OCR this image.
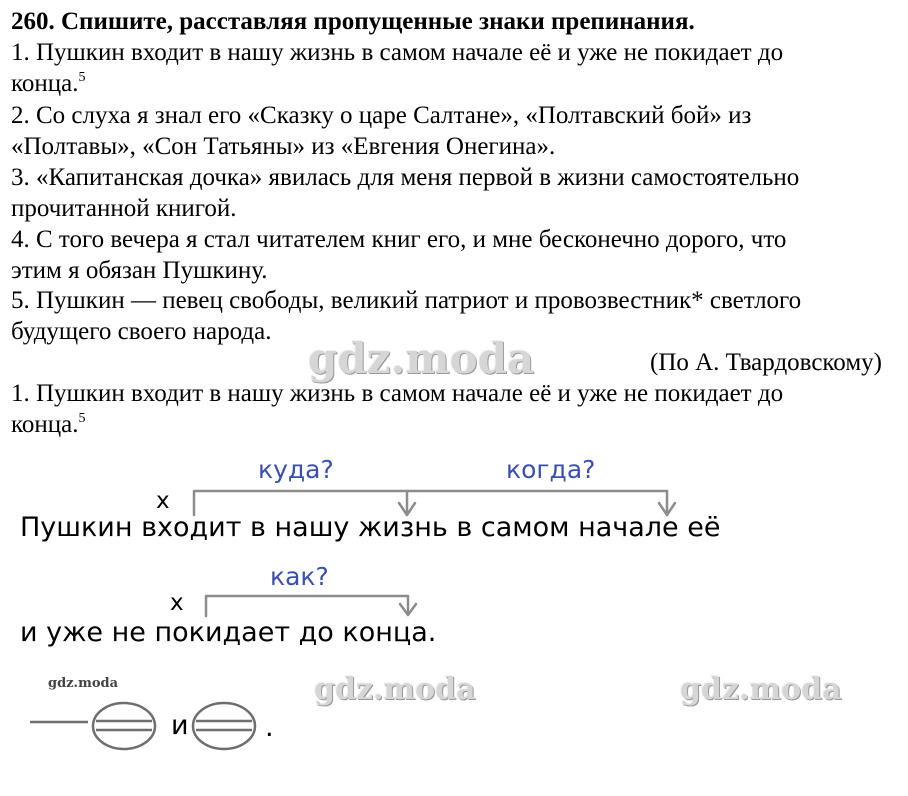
260. Спишите, расставляя пропущенные знаки препинания.
1. Пушкин входит в нашу жизнь в самом начале её и уже не покидает до
конца.$^5$
2. Со слуха я знал его «Сказку о царе Салтане», «Полтавский бой» из
«Полтавы», «Сон Татьяны» из «Евгения Онегина».
3. «Капитанская дочка» явилась для меня первой в жизни самостоятельно
прочитанной книгой.
4. С того вечера я стал читателем книг его, и мне бесконечно дорого, что
этим я обязан Пушкину.
5. Пушкин — певец свободы, великий патриот и провозвестник* светлого
будущего своего народа.
gdz.moda	(По А. Твардовскому)
1. Пушкин входит в нашу жизнь в самом начале её и уже не покидает до
конца.$^5$
куда?	когда?
х
Пушкин входит в нашу жизнь в самом начале её
как?
х
и уже не покидает до конца.
gdz.moda
и	.
gdz.moda	gdz.moda
